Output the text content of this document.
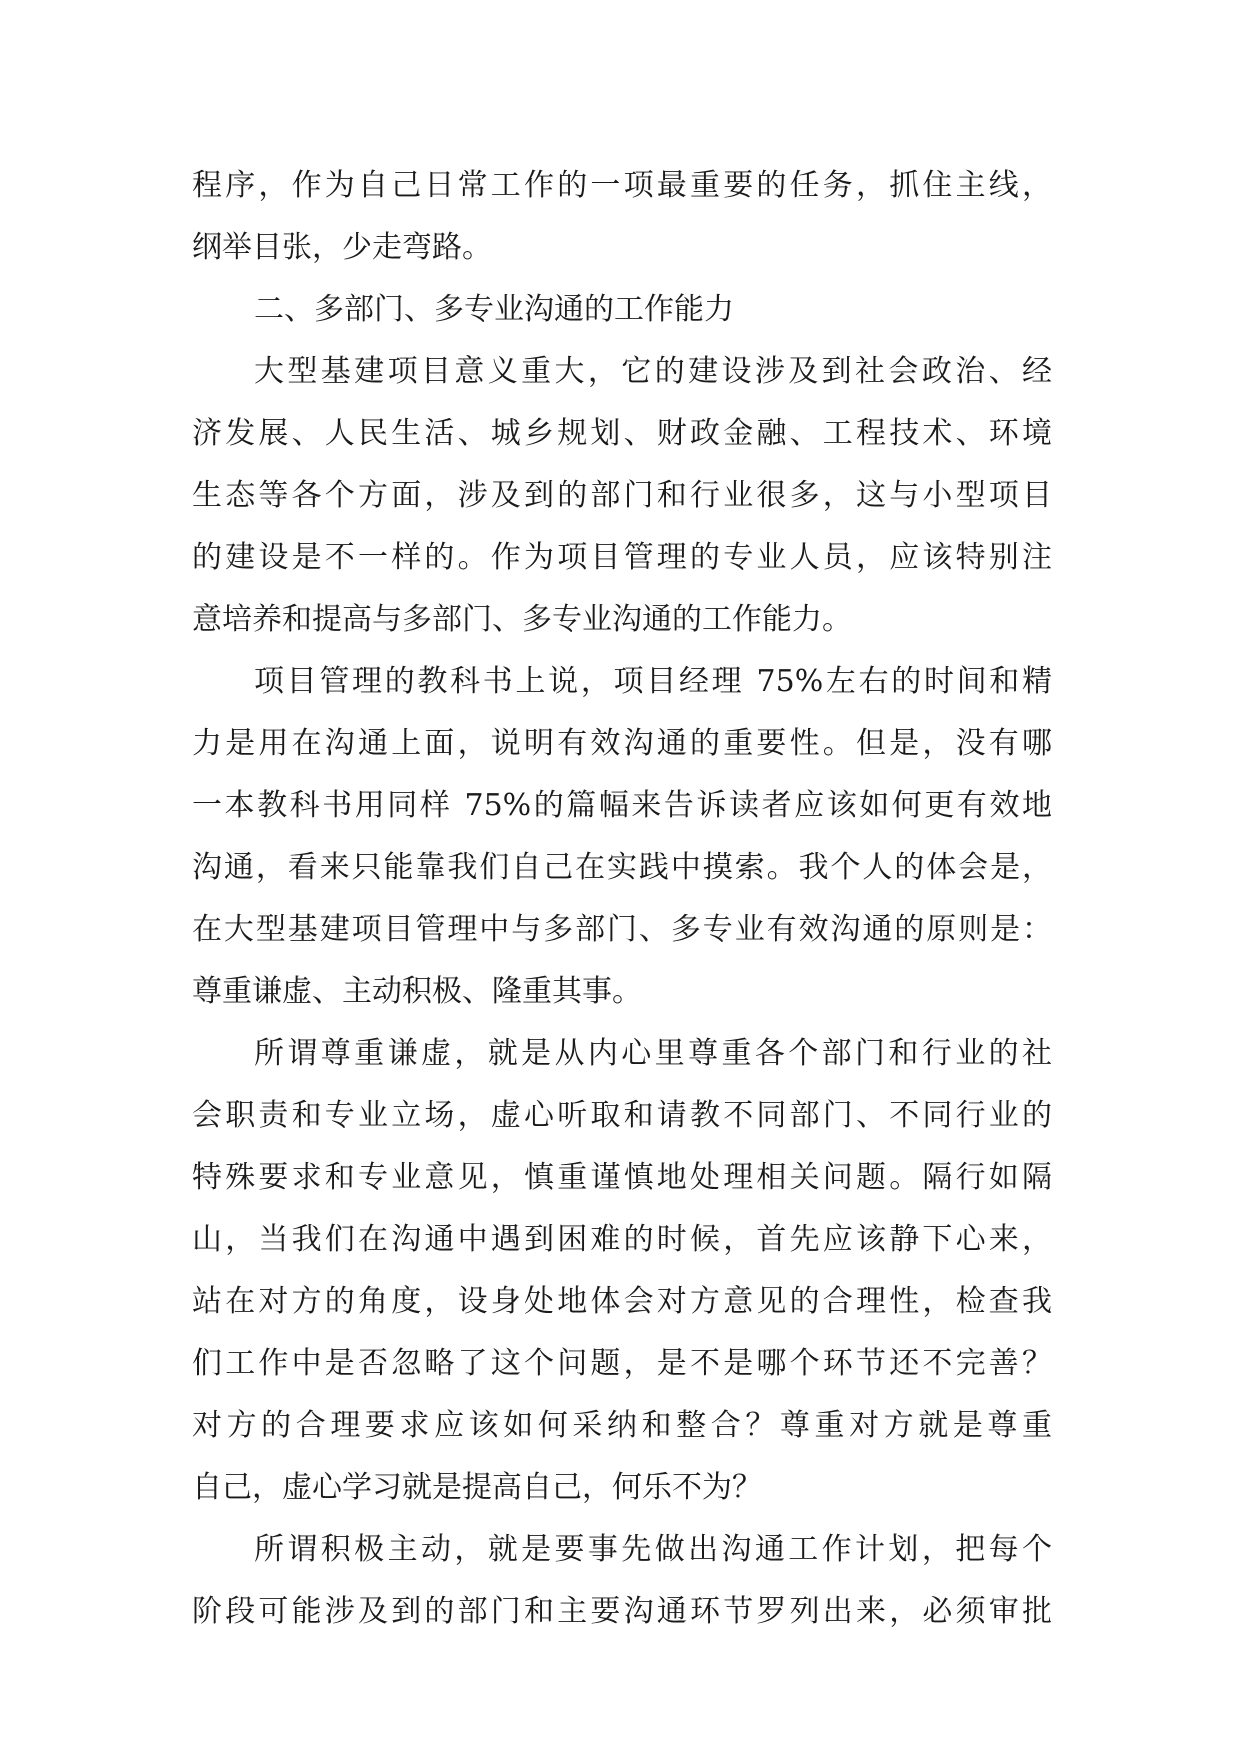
程序，作为自己日常工作的一项最重要的任务，抓住主线，
纲举目张，少走弯路。
二、多部门、多专业沟通的工作能力
大型基建项目意义重大，它的建设涉及到社会政治、经
济发展、人民生活、城乡规划、财政金融、工程技术、环境
生态等各个方面，涉及到的部门和行业很多，这与小型项目
的建设是不一样的。作为项目管理的专业人员，应该特别注
意培养和提高与多部门、多专业沟通的工作能力。
项目管理的教科书上说，项目经理 75%左右的时间和精
力是用在沟通上面，说明有效沟通的重要性。但是，没有哪
一本教科书用同样 75%的篇幅来告诉读者应该如何更有效地
沟通，看来只能靠我们自己在实践中摸索。我个人的体会是，
在大型基建项目管理中与多部门、多专业有效沟通的原则是：
尊重谦虚、主动积极、隆重其事。
所谓尊重谦虚，就是从内心里尊重各个部门和行业的社
会职责和专业立场，虚心听取和请教不同部门、不同行业的
特殊要求和专业意见，慎重谨慎地处理相关问题。隔行如隔
山，当我们在沟通中遇到困难的时候，首先应该静下心来，
站在对方的角度，设身处地体会对方意见的合理性，检查我
们工作中是否忽略了这个问题，是不是哪个环节还不完善？
对方的合理要求应该如何采纳和整合？尊重对方就是尊重
自己，虚心学习就是提高自己，何乐不为？
所谓积极主动，就是要事先做出沟通工作计划，把每个
阶段可能涉及到的部门和主要沟通环节罗列出来，必须审批
